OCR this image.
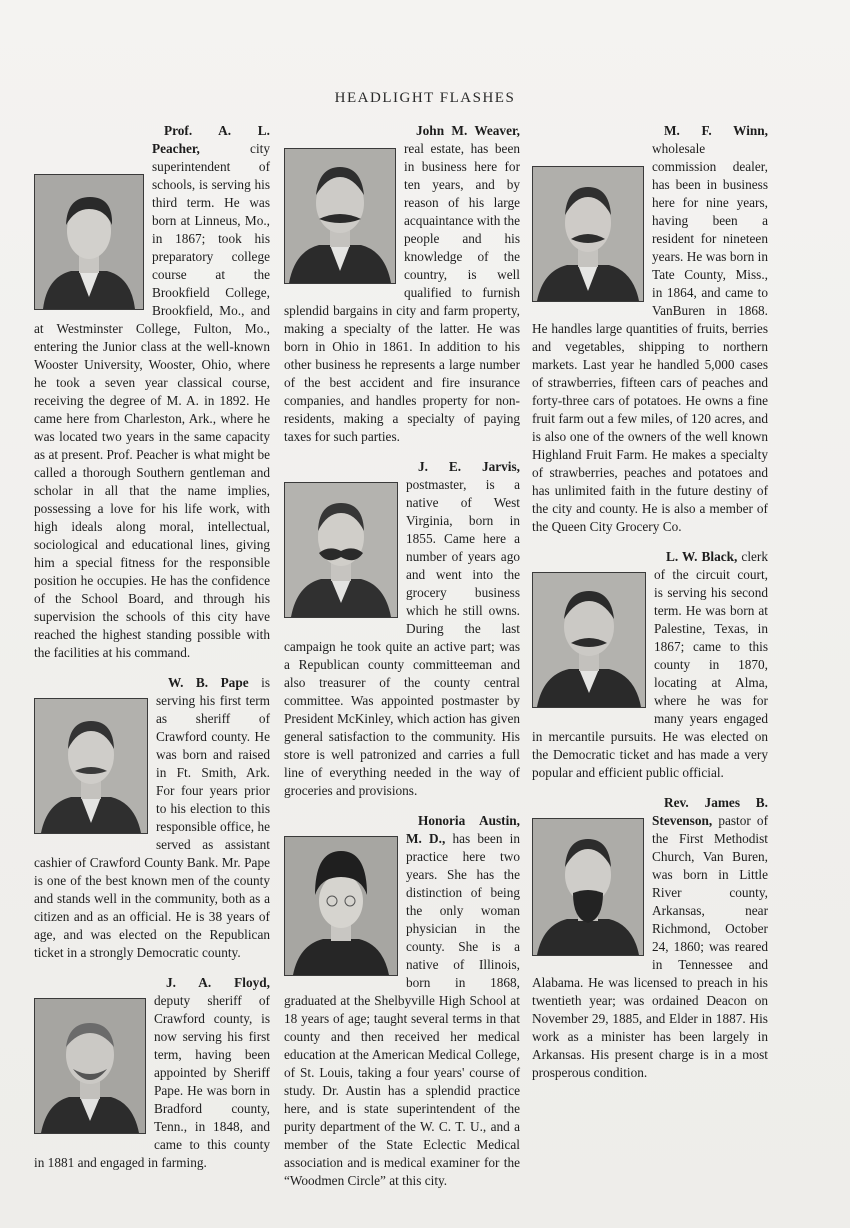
HEADLIGHT FLASHES

Prof. A. L. Peacher,	city superintendent of schools, is serving his third term. He was born at Linneus, Mo., in 1867; took his preparatory college course at the Brookfield College, Brookfield, Mo., and at Westminster College, Fulton, Mo., entering the Junior class at the well-known Wooster University, Wooster, Ohio, where he took a seven year classical course, receiving the degree of M. A. in 1892. He came here from Charleston, Ark., where he was located two years in the same capacity as at present. Prof. Peacher is what might be called a thorough Southern gentleman and scholar in all that the name implies, possessing a love for his life work, with high ideals along moral, intellectual, sociological and educational lines, giving him a special fitness for the responsible position he occupies. He has the confidence of the School Board, and through his supervision the schools of this city have reached the highest standing possible with the facilities at his command.

W. B. Pape is serving his first term as sheriff of Crawford county. He was born and raised in Ft. Smith, Ark. For four years prior to his election to this responsible office, he served as assistant cashier of Crawford County Bank. Mr. Pape is one of the best known men of the county and stands well in the community, both as a citizen and as an official. He is 38 years of age, and was elected on the Republican ticket in a strongly Democratic county.

J. A. Floyd, deputy sheriff of Crawford county, is now serving his first term, having been appointed by Sheriff Pape. He was born in Bradford county, Tenn., in 1848, and came to this county in 1881 and engaged in farming.

John M. Weaver, real estate, has been in business here for ten years, and by reason of his large acquaintance with the people and his knowledge of the country, is well qualified to furnish splendid bargains in city and farm property, making a specialty of the latter. He was born in Ohio in 1861. In addition to his other business he represents a large number of the best accident and fire insurance companies, and handles property for non-residents, making a specialty of paying taxes for such parties.

J. E. Jarvis, postmaster, is a native of West Virginia, born in 1855. Came here a number of years ago and went into the grocery business which he still owns. During the last campaign he took quite an active part; was a Republican county committeeman and also treasurer of the county central committee. Was appointed postmaster by President McKinley, which action has given general satisfaction to the community. His store is well patronized and carries a full line of everything needed in the way of groceries and provisions.

Honoria Austin, M. D., has been in practice here two years. She has the distinction of being the only woman physician in the county. She is a native of Illinois, born in 1868, graduated at the Shelbyville High School at 18 years of age; taught several terms in that county and then received her medical education at the American Medical College, of St. Louis, taking a four years' course of study. Dr. Austin has a splendid practice here, and is state superintendent of the purity department of the W. C. T. U., and a member of the State Eclectic Medical association and is medical examiner for the “Woodmen Circle” at this city.

M. F. Winn, wholesale commission dealer, has been in business here for nine years, having been a resident for nineteen years. He was born in Tate County, Miss., in 1864, and came to VanBuren in 1868. He handles large quantities of fruits, berries and vegetables, shipping to northern markets. Last year he handled 5,000 cases of strawberries, fifteen cars of peaches and forty-three cars of potatoes. He owns a fine fruit farm out a few miles, of 120 acres, and is also one of the owners of the well known Highland Fruit Farm. He makes a specialty of strawberries, peaches and potatoes and has unlimited faith in the future destiny of the city and county. He is also a member of the Queen City Grocery Co.

L. W. Black, clerk of the circuit court, is serving his second term. He was born at Palestine, Texas, in 1867; came to this county in 1870, locating at Alma, where he was for many years engaged in mercantile pursuits. He was elected on the Democratic ticket and has made a very popular and efficient public official.

Rev. James B. Stevenson, pastor of the First Methodist Church, Van Buren, was born in Little River county, Arkansas, near Richmond, October 24, 1860; was reared in Tennessee and Alabama. He was licensed to preach in his twentieth year; was ordained Deacon on November 29, 1885, and Elder in 1887. His work as a minister has been largely in Arkansas. His present charge is in a most prosperous condition.
